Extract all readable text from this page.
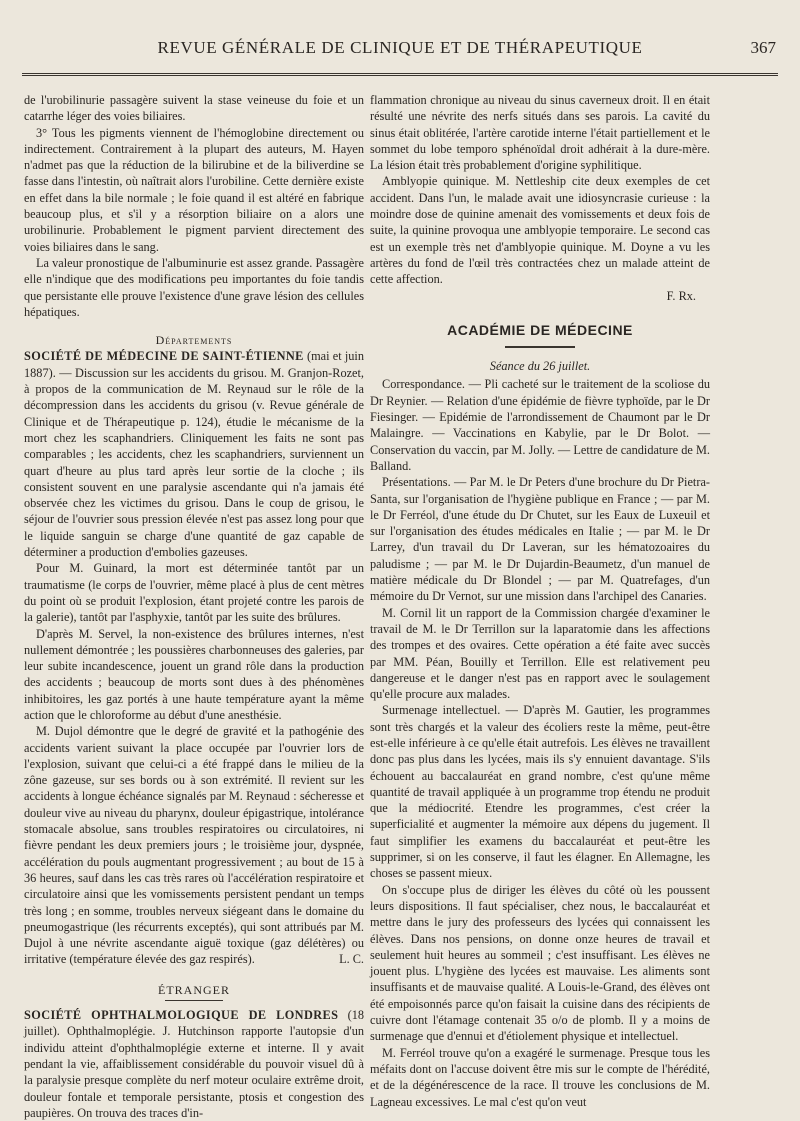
REVUE GÉNÉRALE DE CLINIQUE ET DE THÉRAPEUTIQUE	367

de l'urobilinurie passagère suivent la stase veineuse du foie et un catarrhe léger des voies biliaires.

3° Tous les pigments viennent de l'hémoglobine directement ou indirectement. Contrairement à la plupart des auteurs, M. Hayen n'admet pas que la réduction de la bilirubine et de la biliverdine se fasse dans l'intestin, où naîtrait alors l'urobiline. Cette dernière existe en effet dans la bile normale ; le foie quand il est altéré en fabrique beaucoup plus, et s'il y a résorption biliaire on a alors une urobilinurie. Probablement le pigment parvient directement des voies biliaires dans le sang.

La valeur pronostique de l'albuminurie est assez grande. Passagère elle n'indique que des modifications peu importantes du foie tandis que persistante elle prouve l'existence d'une grave lésion des cellules hépatiques.

Départements

SOCIÉTÉ DE MÉDECINE DE SAINT-ÉTIENNE (mai et juin 1887). — Discussion sur les accidents du grisou. M. Granjon-Rozet, à propos de la communication de M. Reynaud sur le rôle de la décompression dans les accidents du grisou (v. Revue générale de Clinique et de Thérapeutique p. 124), étudie le mécanisme de la mort chez les scaphandriers. Cliniquement les faits ne sont pas comparables ; les accidents, chez les scaphandriers, surviennent un quart d'heure au plus tard après leur sortie de la cloche ; ils consistent souvent en une paralysie ascendante qui n'a jamais été observée chez les victimes du grisou. Dans le coup de grisou, le séjour de l'ouvrier sous pression élevée n'est pas assez long pour que le liquide sanguin se charge d'une quantité de gaz capable de déterminer a production d'embolies gazeuses.

Pour M. Guinard, la mort est déterminée tantôt par un traumatisme (le corps de l'ouvrier, même placé à plus de cent mètres du point où se produit l'explosion, étant projeté contre les parois de la galerie), tantôt par l'asphyxie, tantôt par les suite des brûlures.

D'après M. Servel, la non-existence des brûlures internes, n'est nullement démontrée ; les poussières charbonneuses des galeries, par leur subite incandescence, jouent un grand rôle dans la production des accidents ; beaucoup de morts sont dues à des phénomènes inhibitoires, les gaz portés à une haute température ayant la même action que le chloroforme au début d'une anesthésie.

M. Dujol démontre que le degré de gravité et la pathogénie des accidents varient suivant la place occupée par l'ouvrier lors de l'explosion, suivant que celui-ci a été frappé dans le milieu de la zône gazeuse, sur ses bords ou à son extrémité. Il revient sur les accidents à longue échéance signalés par M. Reynaud : sécheresse et douleur vive au niveau du pharynx, douleur épigastrique, intolérance stomacale absolue, sans troubles respiratoires ou circulatoires, ni fièvre pendant les deux premiers jours ; le troisième jour, dyspnée, accélération du pouls augmentant progressivement ; au bout de 15 à 36 heures, sauf dans les cas très rares où l'accélération respiratoire et circulatoire ainsi que les vomissements persistent pendant un temps très long ; en somme, troubles nerveux siégeant dans le domaine du pneumogastrique (les récurrents exceptés), qui sont attribués par M. Dujol à une névrite ascendante aiguë toxique (gaz délétères) ou irritative (température élevée des gaz respirés).	L. C.

ÉTRANGER

SOCIÉTÉ OPHTHALMOLOGIQUE DE LONDRES (18 juillet). Ophthalmoplégie. J. Hutchinson rapporte l'autopsie d'un individu atteint d'ophthalmoplégie externe et interne. Il y avait pendant la vie, affaiblissement considérable du pouvoir visuel dû à la paralysie presque complète du nerf moteur oculaire extrême droit, douleur fontale et temporale persistante, ptosis et congestion des paupières. On trouva des traces d'in-

flammation chronique au niveau du sinus caverneux droit. Il en était résulté une névrite des nerfs situés dans ses parois. La cavité du sinus était oblitérée, l'artère carotide interne l'était partiellement et le sommet du lobe temporo sphénoïdal droit adhérait à la dure-mère. La lésion était très probablement d'origine syphilitique.

Amblyopie quinique. M. Nettleship cite deux exemples de cet accident. Dans l'un, le malade avait une idiosyncrasie curieuse : la moindre dose de quinine amenait des vomissements et deux fois de suite, la quinine provoqua une amblyopie temporaire. Le second cas est un exemple très net d'amblyopie quinique. M. Doyne a vu les artères du fond de l'œil très contractées chez un malade atteint de cette affection.

F. Rx.
ACADÉMIE DE MÉDECINE
Séance du 26 juillet.

Correspondance. — Pli cacheté sur le traitement de la scoliose du Dr Reynier. — Relation d'une épidémie de fièvre typhoïde, par le Dr Fiesinger. — Epidémie de l'arrondissement de Chaumont par le Dr Malaingre. — Vaccinations en Kabylie, par le Dr Bolot. — Conservation du vaccin, par M. Jolly. — Lettre de candidature de M. Balland.

Présentations. — Par M. le Dr Peters d'une brochure du Dr Pietra-Santa, sur l'organisation de l'hygiène publique en France ; — par M. le Dr Ferréol, d'une étude du Dr Chutet, sur les Eaux de Luxeuil et sur l'organisation des études médicales en Italie ; — par M. le Dr Larrey, d'un travail du Dr Laveran, sur les hématozoaires du paludisme ; — par M. le Dr Dujardin-Beaumetz, d'un manuel de matière médicale du Dr Blondel ; — par M. Quatrefages, d'un mémoire du Dr Vernot, sur une mission dans l'archipel des Canaries.

M. Cornil lit un rapport de la Commission chargée d'examiner le travail de M. le Dr Terrillon sur la laparatomie dans les affections des trompes et des ovaires. Cette opération a été faite avec succès par MM. Péan, Bouilly et Terrillon. Elle est relativement peu dangereuse et le danger n'est pas en rapport avec le soulagement qu'elle procure aux malades.

Surmenage intellectuel. — D'après M. Gautier, les programmes sont très chargés et la valeur des écoliers reste la même, peut-être est-elle inférieure à ce qu'elle était autrefois. Les élèves ne travaillent donc pas plus dans les lycées, mais ils s'y ennuient davantage. S'ils échouent au baccalauréat en grand nombre, c'est qu'une même quantité de travail appliquée à un programme trop étendu ne produit que la médiocrité. Etendre les programmes, c'est créer la superficialité et augmenter la mémoire aux dépens du jugement. Il faut simplifier les examens du baccalauréat et peut-être les supprimer, si on les conserve, il faut les élagner. En Allemagne, les choses se passent mieux.

On s'occupe plus de diriger les élèves du côté où les poussent leurs dispositions. Il faut spécialiser, chez nous, le baccalauréat et mettre dans le jury des professeurs des lycées qui connaissent les élèves. Dans nos pensions, on donne onze heures de travail et seulement huit heures au sommeil ; c'est insuffisant. Les élèves ne jouent plus. L'hygiène des lycées est mauvaise. Les aliments sont insuffisants et de mauvaise qualité. A Louis-le-Grand, des élèves ont été empoisonnés parce qu'on faisait la cuisine dans des récipients de cuivre dont l'étamage contenait 35 o/o de plomb. Il y a moins de surmenage que d'ennui et d'étiolement physique et intellectuel.

M. Ferréol trouve qu'on a exagéré le surmenage. Presque tous les méfaits dont on l'accuse doivent être mis sur le compte de l'hérédité, et de la dégénérescence de la race. Il trouve les conclusions de M. Lagneau excessives. Le mal c'est qu'on veut
